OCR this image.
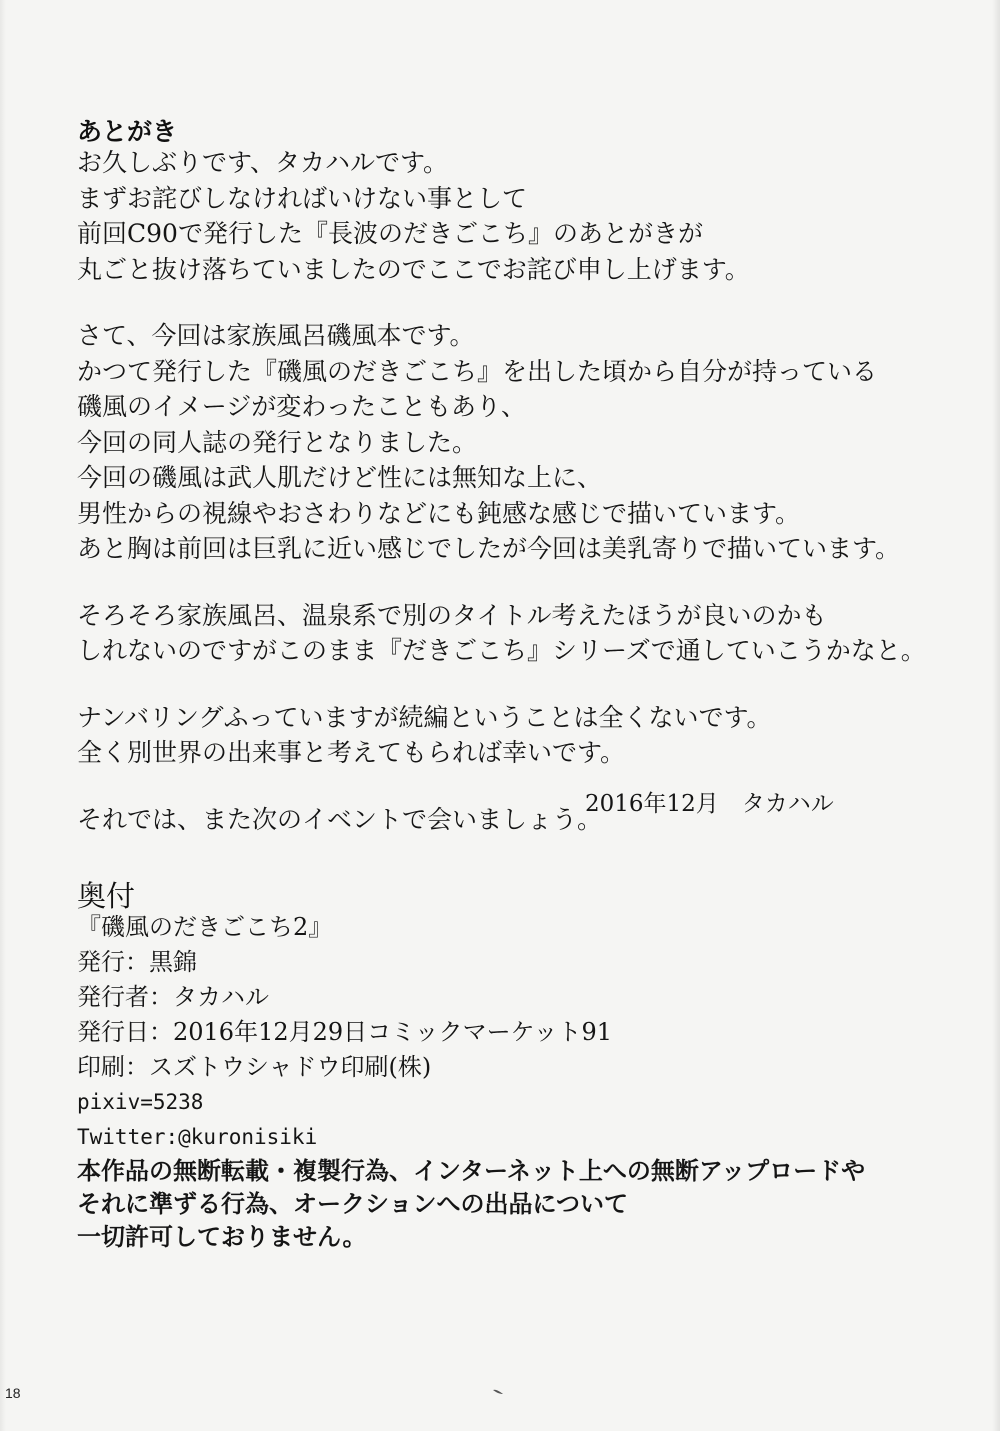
あとがき
お久しぶりです、タカハルです。
まずお詫びしなければいけない事として
前回C90で発行した『長波のだきごこち』のあとがきが
丸ごと抜け落ちていましたのでここでお詫び申し上げます。
さて、今回は家族風呂磯風本です。
かつて発行した『磯風のだきごこち』を出した頃から自分が持っている
磯風のイメージが変わったこともあり、
今回の同人誌の発行となりました。
今回の磯風は武人肌だけど性には無知な上に、
男性からの視線やおさわりなどにも鈍感な感じで描いています。
あと胸は前回は巨乳に近い感じでしたが今回は美乳寄りで描いています。
そろそろ家族風呂、温泉系で別のタイトル考えたほうが良いのかも
しれないのですがこのまま『だきごこち』シリーズで通していこうかなと。
ナンバリングふっていますが続編ということは全くないです。
全く別世界の出来事と考えてもられば幸いです。
それでは、また次のイベントで会いましょう。
2016年12月　タカハル
奥付
『磯風のだきごこち2』
発行：黒錦
発行者：タカハル
発行日：2016年12月29日コミックマーケット91
印刷：スズトウシャドウ印刷(株)
pixiv=5238
Twitter:@kuronisiki
本作品の無断転載・複製行為、インターネット上への無断アップロードや
それに準ずる行為、オークションへの出品について
一切許可しておりません。
18
